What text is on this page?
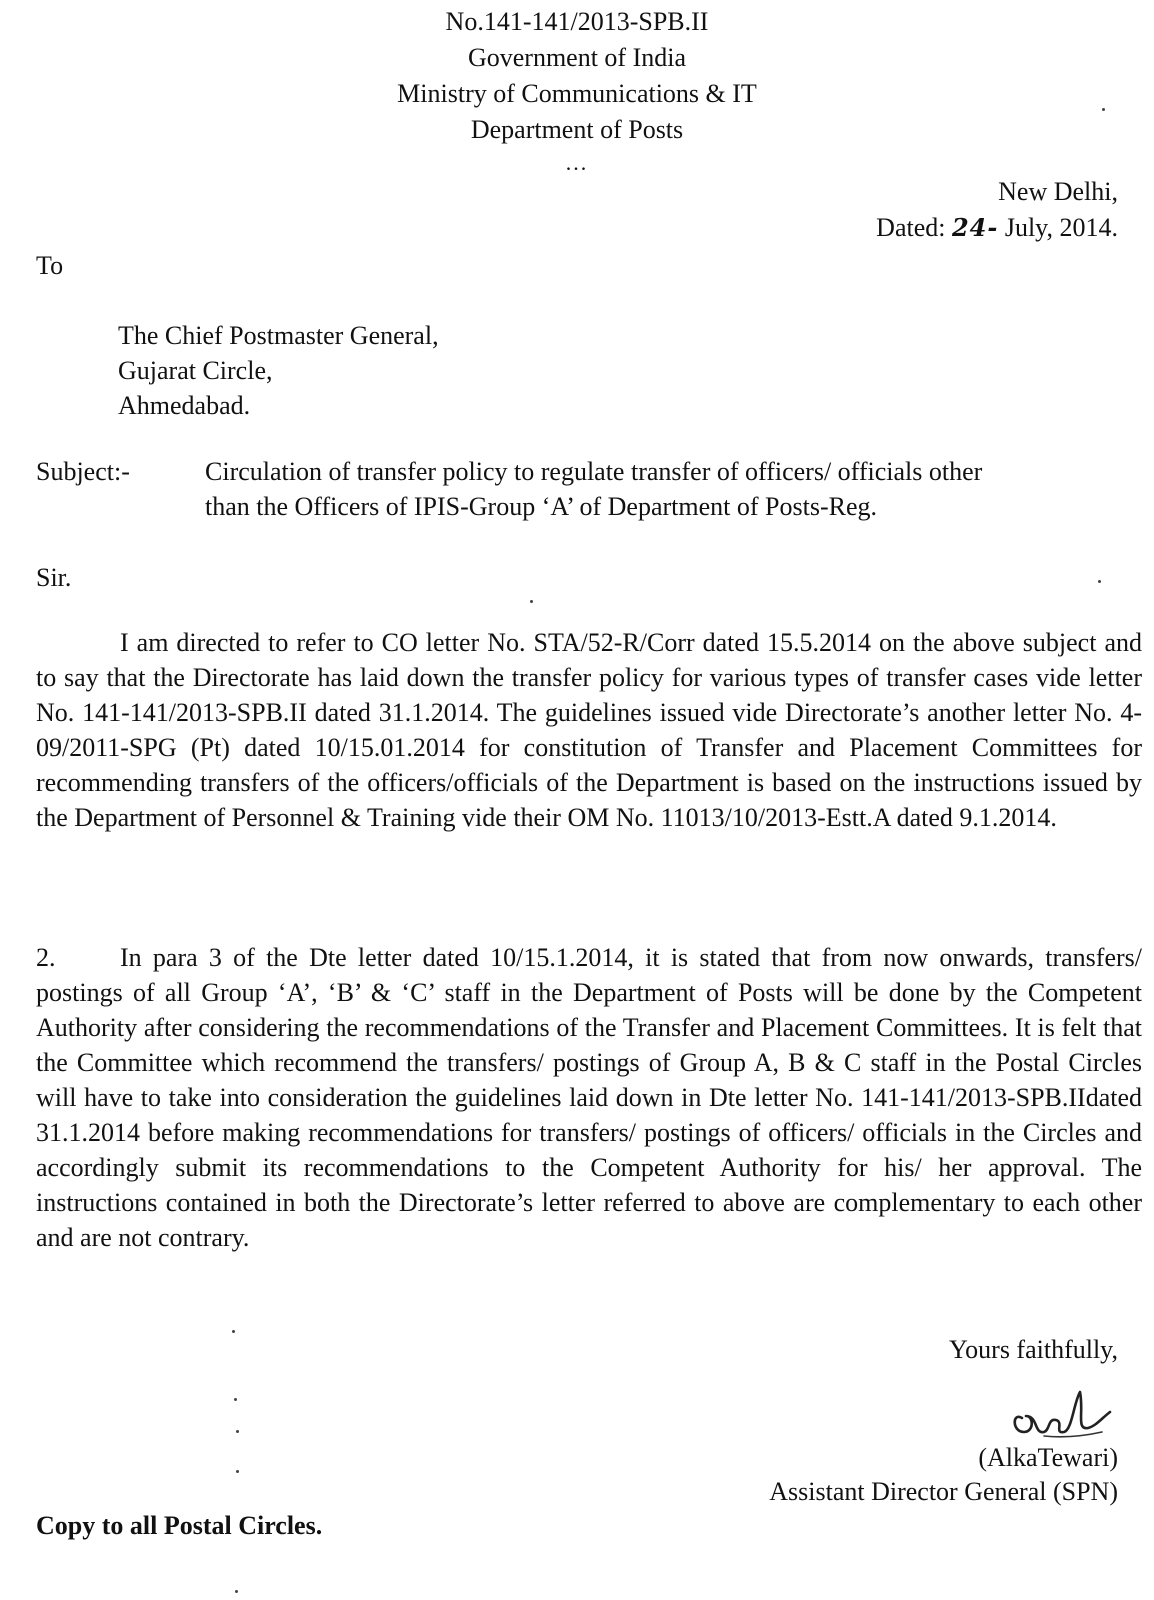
No.141-141/2013-SPB.II
Government of India
Ministry of Communications & IT
Department of Posts
...
New Delhi,
Dated: 24- July, 2014.
To
The Chief Postmaster General,
Gujarat Circle,
Ahmedabad.
Subject:-	Circulation of transfer policy to regulate transfer of officers/ officials other
than the Officers of IPIS-Group ‘A’ of Department of Posts-Reg.
Sir.
I am directed to refer to CO letter No. STA/52-R/Corr dated 15.5.2014 on the above subject and to say that the Directorate has laid down the transfer policy for various types of transfer cases vide letter No. 141-141/2013-SPB.II dated 31.1.2014. The guidelines issued vide Directorate’s another letter No. 4-09/2011-SPG (Pt) dated 10/15.01.2014 for constitution of Transfer and Placement Committees for recommending transfers of the officers/officials of the Department is based on the instructions issued by the Department of Personnel & Training vide their OM No. 11013/10/2013-Estt.A dated 9.1.2014.
2. In para 3 of the Dte letter dated 10/15.1.2014, it is stated that from now onwards, transfers/ postings of all Group ‘A’, ‘B’ & ‘C’ staff in the Department of Posts will be done by the Competent Authority after considering the recommendations of the Transfer and Placement Committees. It is felt that the Committee which recommend the transfers/ postings of Group A, B & C staff in the Postal Circles will have to take into consideration the guidelines laid down in Dte letter No. 141-141/2013-SPB.IIdated 31.1.2014 before making recommendations for transfers/ postings of officers/ officials in the Circles and accordingly submit its recommendations to the Competent Authority for his/ her approval. The instructions contained in both the Directorate’s letter referred to above are complementary to each other and are not contrary.
Yours faithfully,
(AlkaTewari)
Assistant Director General (SPN)
Copy to all Postal Circles.
